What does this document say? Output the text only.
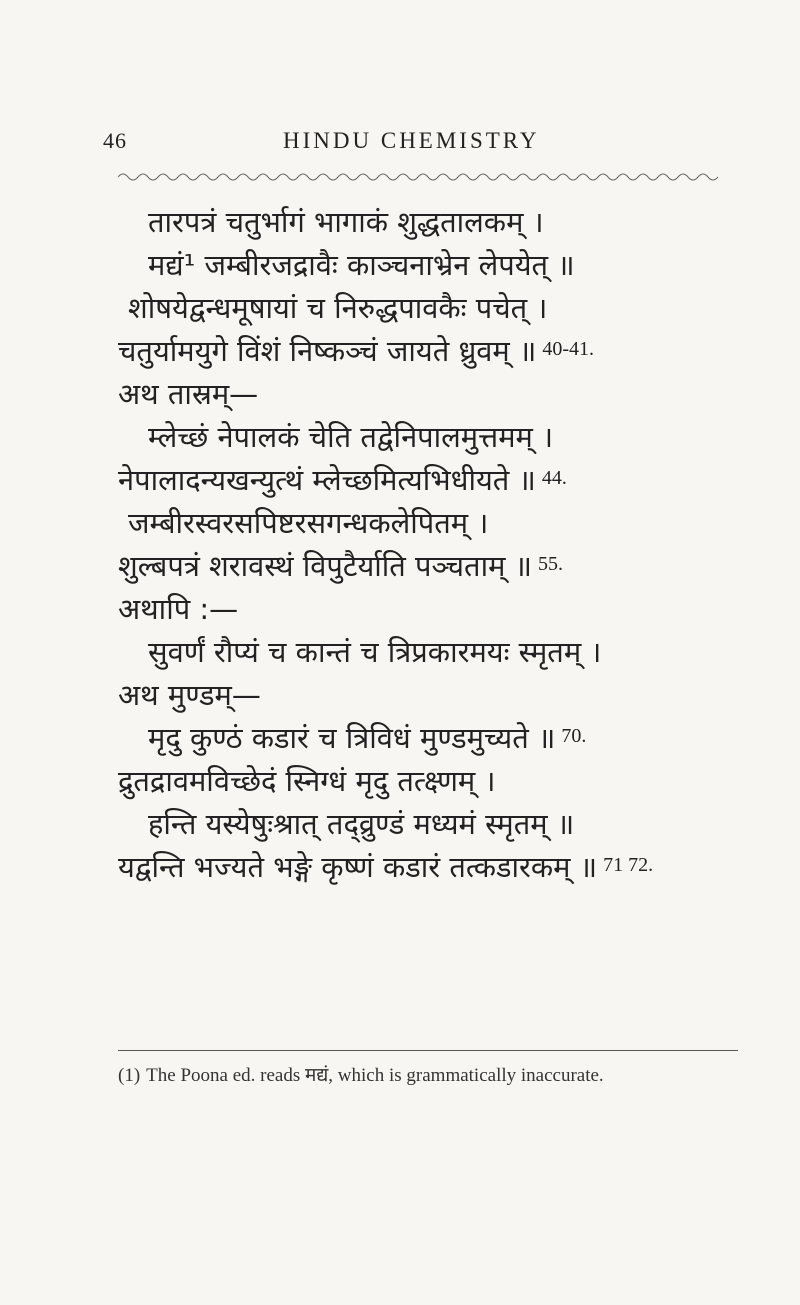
46	HINDU CHEMISTRY
तारपत्रं चतुर्भागं भागाकं शुद्धतालकम् ।
मद्यं¹ जम्बीरजद्रावैः काञ्चनाभ्रेन लेपयेत् ॥
शोषयेद्वन्धमूषायां च निरुद्धपावकैः पचेत् ।
चतुर्यामयुगे विंशं निष्कञ्चं जायते ध्रुवम् ॥ $^{40-41.}$
अथ तास्रम्—
म्लेच्छं नेपालकं चेति तद्वेनिपालमुत्तमम् ।
नेपालादन्यखन्युत्थं म्लेच्छमित्यभिधीयते ॥ $^{44.}$
जम्बीरस्वरसपिष्टरसगन्धकलेपितम् ।
शुल्बपत्रं शरावस्थं विपुटैर्याति पञ्चताम् ॥ $^{55.}$
अथापि :—
सुवर्णं रौप्यं च कान्तं च त्रिप्रकारमयः स्मृतम् ।
अथ मुण्डम्—
मृदु कुण्ठं कडारं च त्रिविधं मुण्डमुच्यते ॥ $^{70.}$
द्रुतद्रावमविच्छेदं स्निग्धं मृदु तत्क्ष्णम् ।
हन्ति यस्येषुःश्रात् तद्व्रुण्डं मध्यमं स्मृतम् ॥
यद्वन्ति भज्यते भङ्गे कृष्णं कडारं तत्कडारकम् ॥ $^{71 72.}$
(1) The Poona ed. reads मद्यं, which is grammatically inaccurate.
